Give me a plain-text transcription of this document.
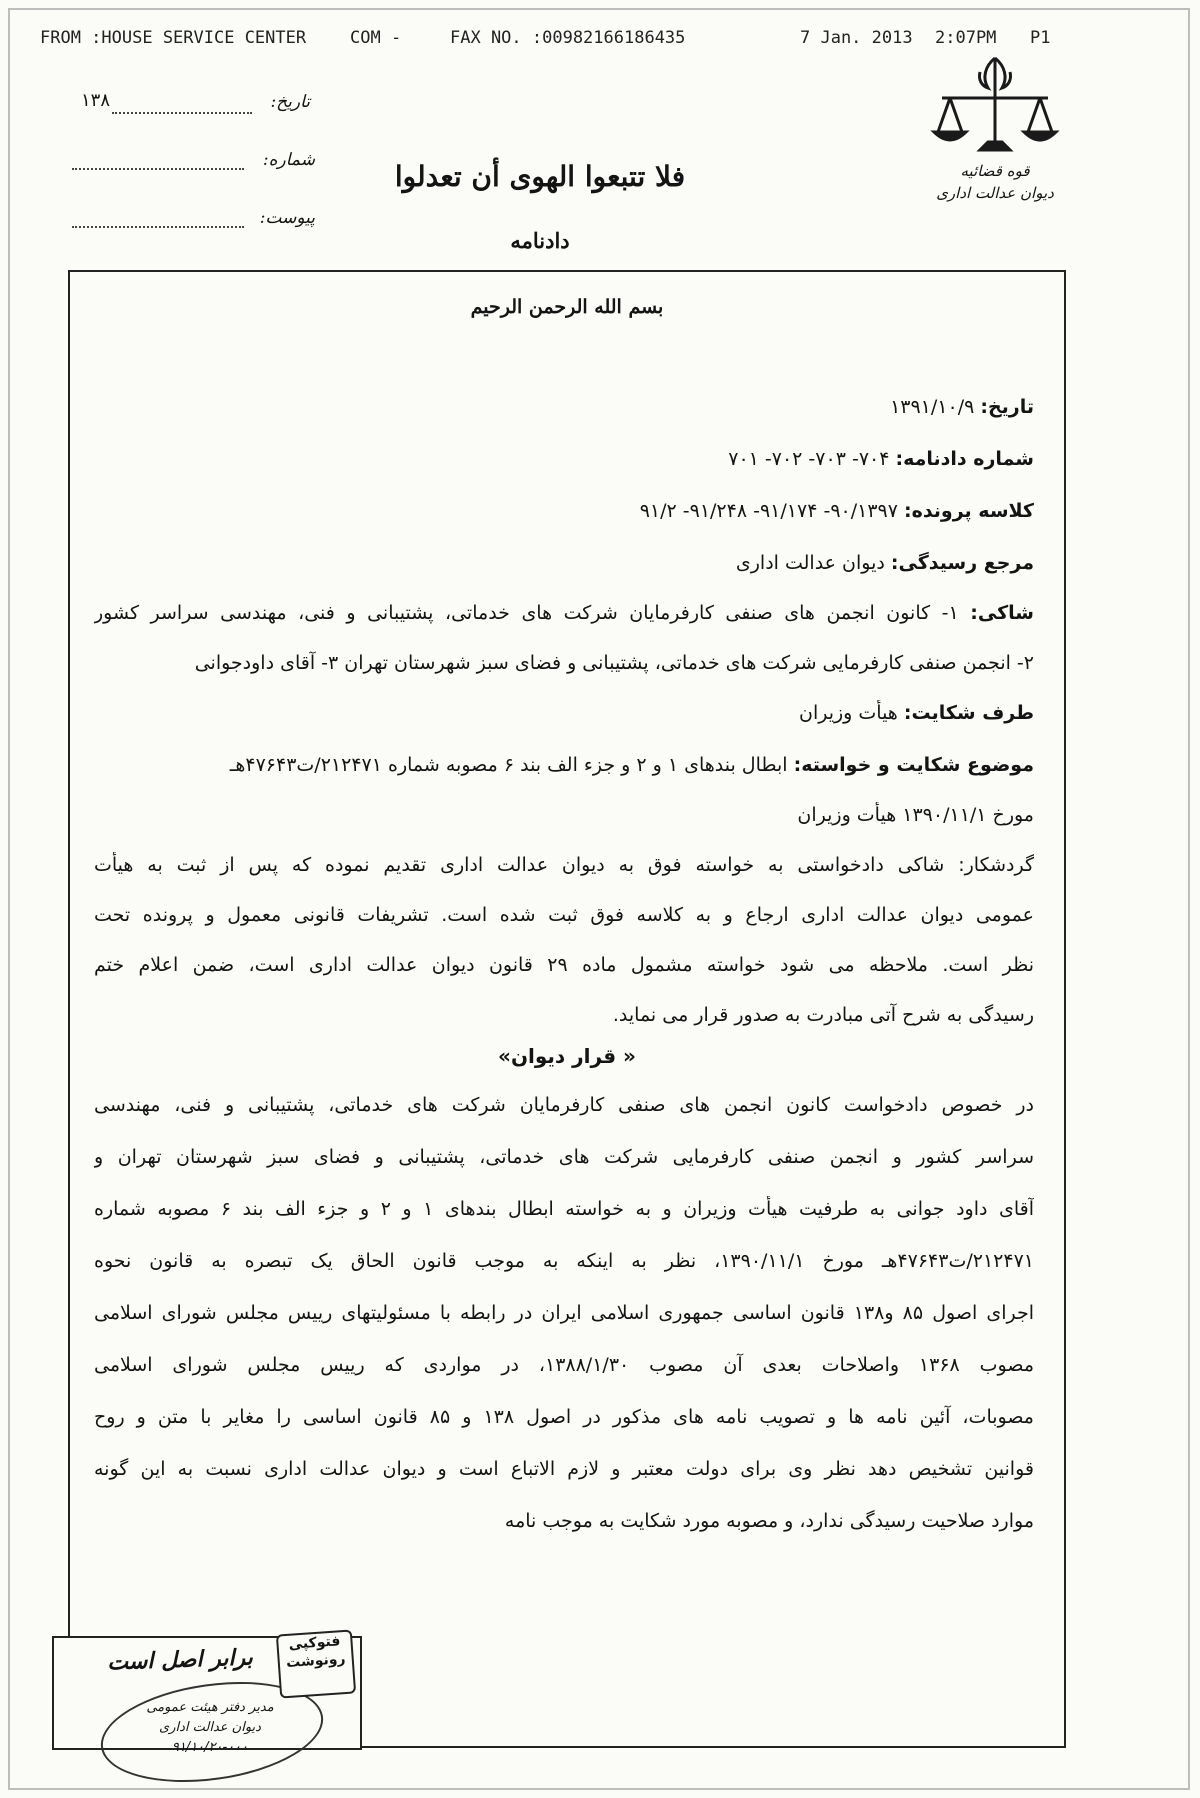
FROM :HOUSE SERVICE CENTER	COM -	FAX NO. :00982166186435	7 Jan. 2013 2:07PM P1
قوه قضائیه
دیوان عدالت اداری
تاریخ:
۱۳۸
شماره:
پیوست:
فلا تتبعوا الهوی أن تعدلوا
دادنامه
بسم الله الرحمن الرحیم
تاریخ: ۱۳۹۱/۱۰/۹
شماره دادنامه: ۷۰۴- ۷۰۳- ۷۰۲- ۷۰۱
کلاسه پرونده: ۹۰/۱۳۹۷- ۹۱/۱۷۴- ۹۱/۲۴۸- ۹۱/۲
مرجع رسیدگی: دیوان عدالت اداری
شاکی: ۱- کانون انجمن های صنفی کارفرمایان شرکت های خدماتی، پشتیبانی و فنی، مهندسی سراسر کشور
۲- انجمن صنفی کارفرمایی شرکت های خدماتی، پشتیبانی و فضای سبز شهرستان تهران ۳- آقای داودجوانی
طرف شکایت: هیأت وزیران
موضوع شکایت و خواسته: ابطال بندهای ۱ و ۲ و جزء الف بند ۶ مصوبه شماره ۲۱۲۴۷۱/ت۴۷۶۴۳هـ
مورخ ۱۳۹۰/۱۱/۱ هیأت وزیران
گردشکار: شاکی دادخواستی به خواسته فوق به دیوان عدالت اداری تقدیم نموده که پس از ثبت به هیأت
عمومی دیوان عدالت اداری ارجاع و به کلاسه فوق ثبت شده است. تشریفات قانونی معمول و پرونده تحت
نظر است. ملاحظه می شود خواسته مشمول ماده ۲۹ قانون دیوان عدالت اداری است، ضمن اعلام ختم
رسیدگی به شرح آتی مبادرت به صدور قرار می نماید.
« قرار دیوان»
در خصوص دادخواست کانون انجمن های صنفی کارفرمایان شرکت های خدماتی، پشتیبانی و فنی، مهندسی
سراسر کشور و انجمن صنفی کارفرمایی شرکت های خدماتی، پشتیبانی و فضای سبز شهرستان تهران و
آقای داود جوانی به طرفیت هیأت وزیران و به خواسته ابطال بندهای ۱ و ۲ و جزء الف بند ۶ مصوبه شماره
۲۱۲۴۷۱/ت۴۷۶۴۳هـ مورخ ۱۳۹۰/۱۱/۱، نظر به اینکه به موجب قانون الحاق یک تبصره به قانون نحوه
اجرای اصول ۸۵ و۱۳۸ قانون اساسی جمهوری اسلامی ایران در رابطه با مسئولیتهای رییس مجلس شورای اسلامی
مصوب ۱۳۶۸ واصلاحات بعدی آن مصوب ۱۳۸۸/۱/۳۰، در مواردی که رییس مجلس شورای اسلامی
مصوبات، آئین نامه ها و تصویب نامه های مذکور در اصول ۱۳۸ و ۸۵ قانون اساسی را مغایر با متن و روح
قوانین تشخیص دهد نظر وی برای دولت معتبر و لازم الاتباع است و دیوان عدالت اداری نسبت به این گونه
موارد صلاحیت رسیدگی ندارد، و مصوبه مورد شکایت به موجب نامه
برابر اصل است
مدیر دفتر هیئت عمومی
دیوان عدالت اداری
۹۱/۱۰/۲۰-۰۰۰
فتوکپی
رونوشت
